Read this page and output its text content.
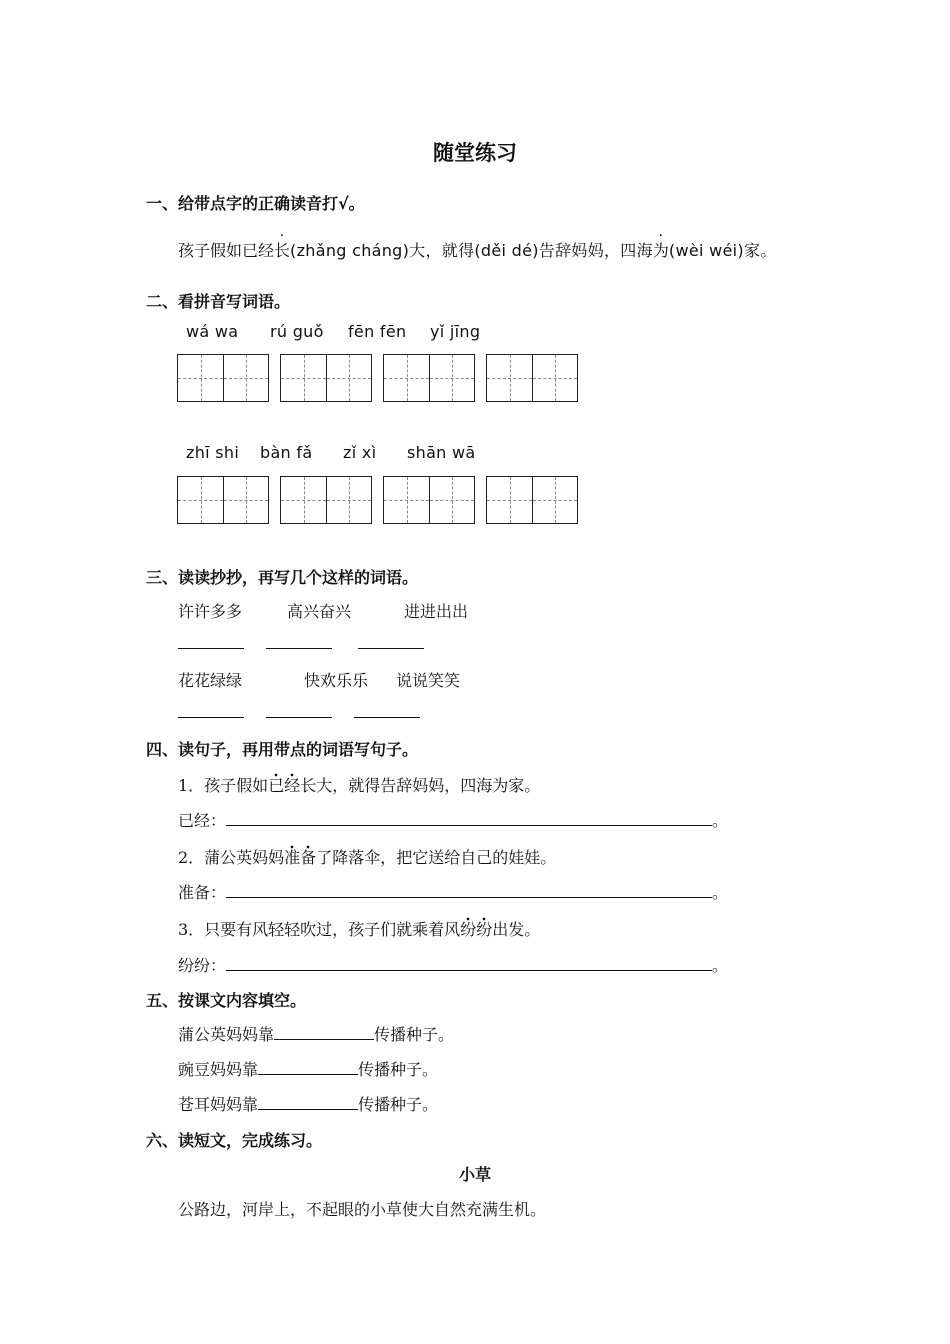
随堂练习
一、给带点字的正确读音打√。
孩子假如已经长(zhǎng cháng)大，就得(děi dé)告辞妈妈，四海为(wèi wéi)家。
二、看拼音写词语。
wá wa rú guǒ fēn fēn yǐ jīng
zhī shi bàn fǎ zǐ xì shān wā
三、读读抄抄，再写几个这样的词语。
许许多多	高兴奋兴	进进出出
花花绿绿	快欢乐乐 说说笑笑
四、读句子，再用带点的词语写句子。
1．孩子假如已经长大，就得告辞妈妈，四海为家。
已经：	。
2．蒲公英妈妈准备了降落伞，把它送给自己的娃娃。
准备：	。
3．只要有风轻轻吹过，孩子们就乘着风纷纷出发。
纷纷：	。
五、按课文内容填空。
蒲公英妈妈靠	传播种子。
豌豆妈妈靠	传播种子。
苍耳妈妈靠	传播种子。
六、读短文，完成练习。
小草
公路边，河岸上，不起眼的小草使大自然充满生机。
